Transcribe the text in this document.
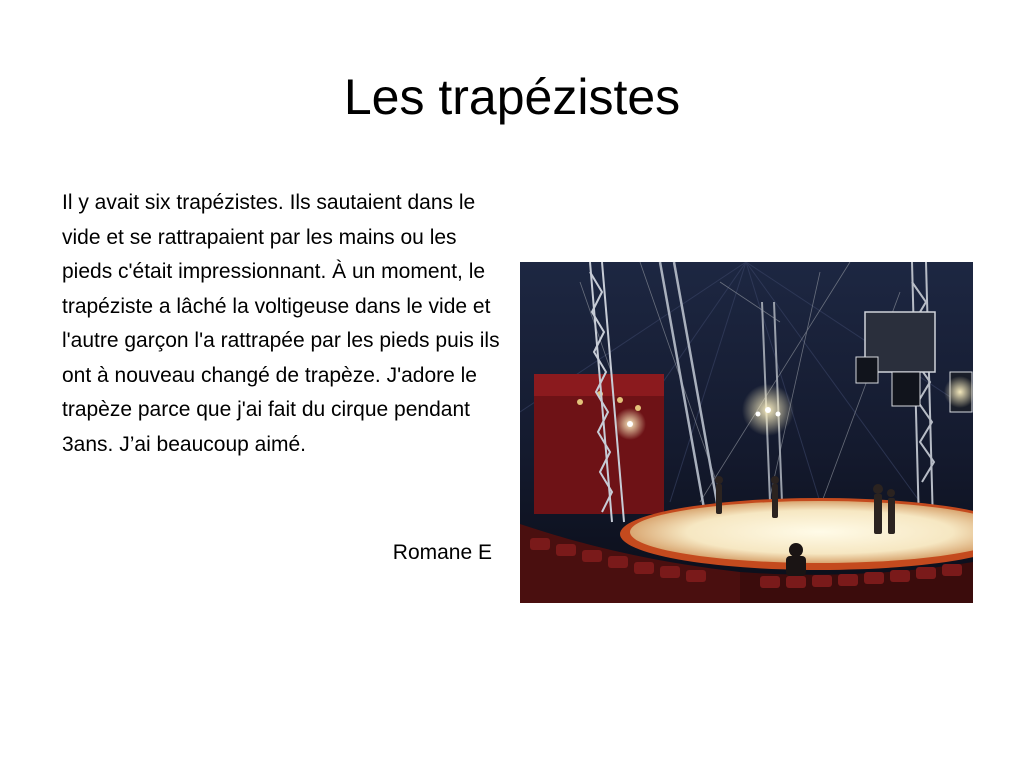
Les trapézistes

Il y avait six trapézistes. Ils sautaient dans le vide et se rattrapaient par les mains ou les pieds c'était impressionnant. À un moment, le trapéziste a lâché la voltigeuse dans le vide et l'autre garçon l'a rattrapée par les pieds puis ils ont à nouveau changé de trapèze. J'adore le trapèze parce que j'ai fait du cirque pendant 3ans. J’ai beaucoup aimé.

Romane E
